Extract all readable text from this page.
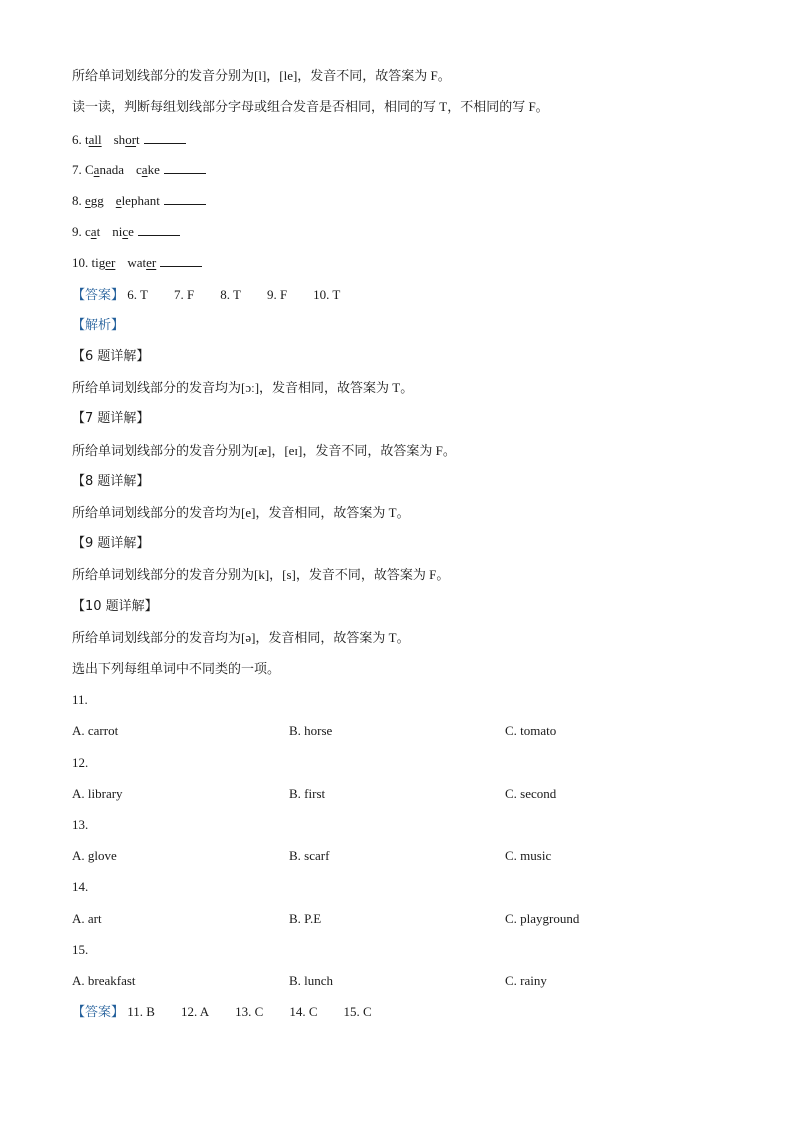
所给单词划线部分的发音分别为[l]，[le]，发音不同，故答案为 F。
读一读，判断每组划线部分字母或组合发音是否相同，相同的写 T，不相同的写 F。
6. tall short
7. Canada cake
8. egg elephant
9. cat nice
10. tiger water
【答案】 6. T 7. F 8. T 9. F 10. T
【解析】
【6 题详解】
所给单词划线部分的发音均为[ɔː]，发音相同，故答案为 T。
【7 题详解】
所给单词划线部分的发音分别为[æ]，[eɪ]，发音不同，故答案为 F。
【8 题详解】
所给单词划线部分的发音均为[e]，发音相同，故答案为 T。
【9 题详解】
所给单词划线部分的发音分别为[k]，[s]，发音不同，故答案为 F。
【10 题详解】
所给单词划线部分的发音均为[ə]，发音相同，故答案为 T。
选出下列每组单词中不同类的一项。
11.
A. carrot	B. horse	C. tomato
12.
A. library	B. first	C. second
13.
A. glove	B. scarf	C. music
14.
A. art	B. P.E	C. playground
15.
A. breakfast	B. lunch	C. rainy
【答案】 11. B 12. A 13. C 14. C 15. C
